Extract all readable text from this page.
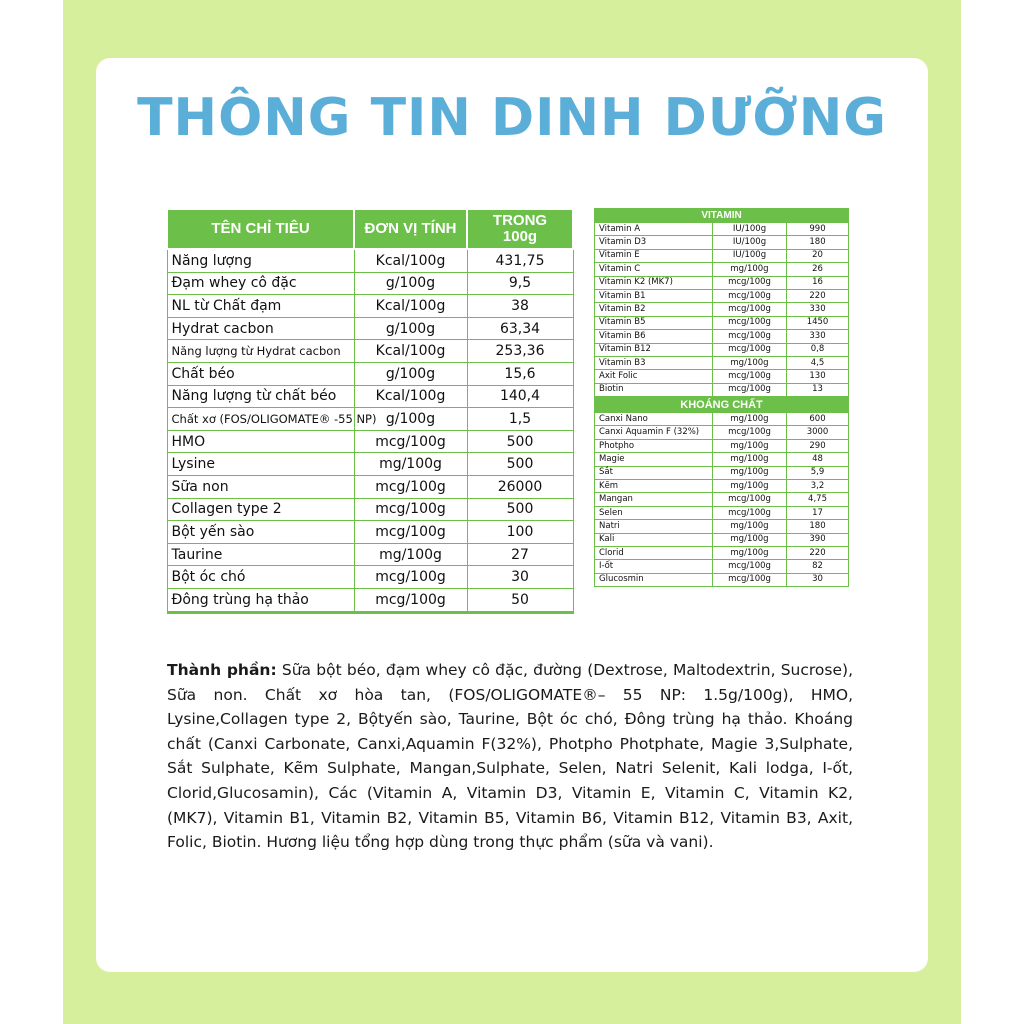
THÔNG TIN DINH DƯỠNG
TÊN CHỈ TIÊU	ĐƠN VỊ TÍNH	TRONG 100g
Năng lượng	Kcal/100g	431,75
Đạm whey cô đặc	g/100g	9,5
NL từ Chất đạm	Kcal/100g	38
Hydrat cacbon	g/100g	63,34
Năng lượng từ Hydrat cacbon	Kcal/100g	253,36
Chất béo	g/100g	15,6
Năng lượng từ chất béo	Kcal/100g	140,4
Chất xơ (FOS/OLIGOMATE® -55 NP)	g/100g	1,5
HMO	mcg/100g	500
Lysine	mg/100g	500
Sữa non	mcg/100g	26000
Collagen type 2	mcg/100g	500
Bột yến sào	mcg/100g	100
Taurine	mg/100g	27
Bột óc chó	mcg/100g	30
Đông trùng hạ thảo	mcg/100g	50
VITAMIN		
Vitamin A	IU/100g	990
Vitamin D3	IU/100g	180
Vitamin E	IU/100g	20
Vitamin C	mg/100g	26
Vitamin K2 (MK7)	mcg/100g	16
Vitamin B1	mcg/100g	220
Vitamin B2	mcg/100g	330
Vitamin B5	mcg/100g	1450
Vitamin B6	mcg/100g	330
Vitamin B12	mcg/100g	0,8
Vitamin B3	mg/100g	4,5
Axit Folic	mcg/100g	130
Biotin	mcg/100g	13
KHOÁNG CHẤT		
Canxi Nano	mg/100g	600
Canxi Aquamin F (32%)	mcg/100g	3000
Photpho	mg/100g	290
Magie	mg/100g	48
Sắt	mg/100g	5,9
Kẽm	mg/100g	3,2
Mangan	mcg/100g	4,75
Selen	mcg/100g	17
Natri	mg/100g	180
Kali	mg/100g	390
Clorid	mg/100g	220
I-ốt	mcg/100g	82
Glucosmin	mcg/100g	30

Thành phần: Sữa bột béo, đạm whey cô đặc, đường (Dextrose, Maltodextrin, Sucrose), Sữa non. Chất xơ hòa tan, (FOS/OLIGOMATE®– 55 NP: 1.5g/100g), HMO, Lysine,Collagen type 2, Bộtyến sào, Taurine, Bột óc chó, Đông trùng hạ thảo. Khoáng chất (Canxi Carbonate, Canxi,Aquamin F(32%), Photpho Photphate, Magie 3,Sulphate, Sắt Sulphate, Kẽm Sulphate, Mangan,Sulphate, Selen, Natri Selenit, Kali lodga, I-ốt, Clorid,Glucosamin), Các (Vitamin A, Vitamin D3, Vitamin E, Vitamin C, Vitamin K2, (MK7), Vitamin B1, Vitamin B2, Vitamin B5, Vitamin B6, Vitamin B12, Vitamin B3, Axit, Folic, Biotin. Hương liệu tổng hợp dùng trong thực phẩm (sữa và vani).
